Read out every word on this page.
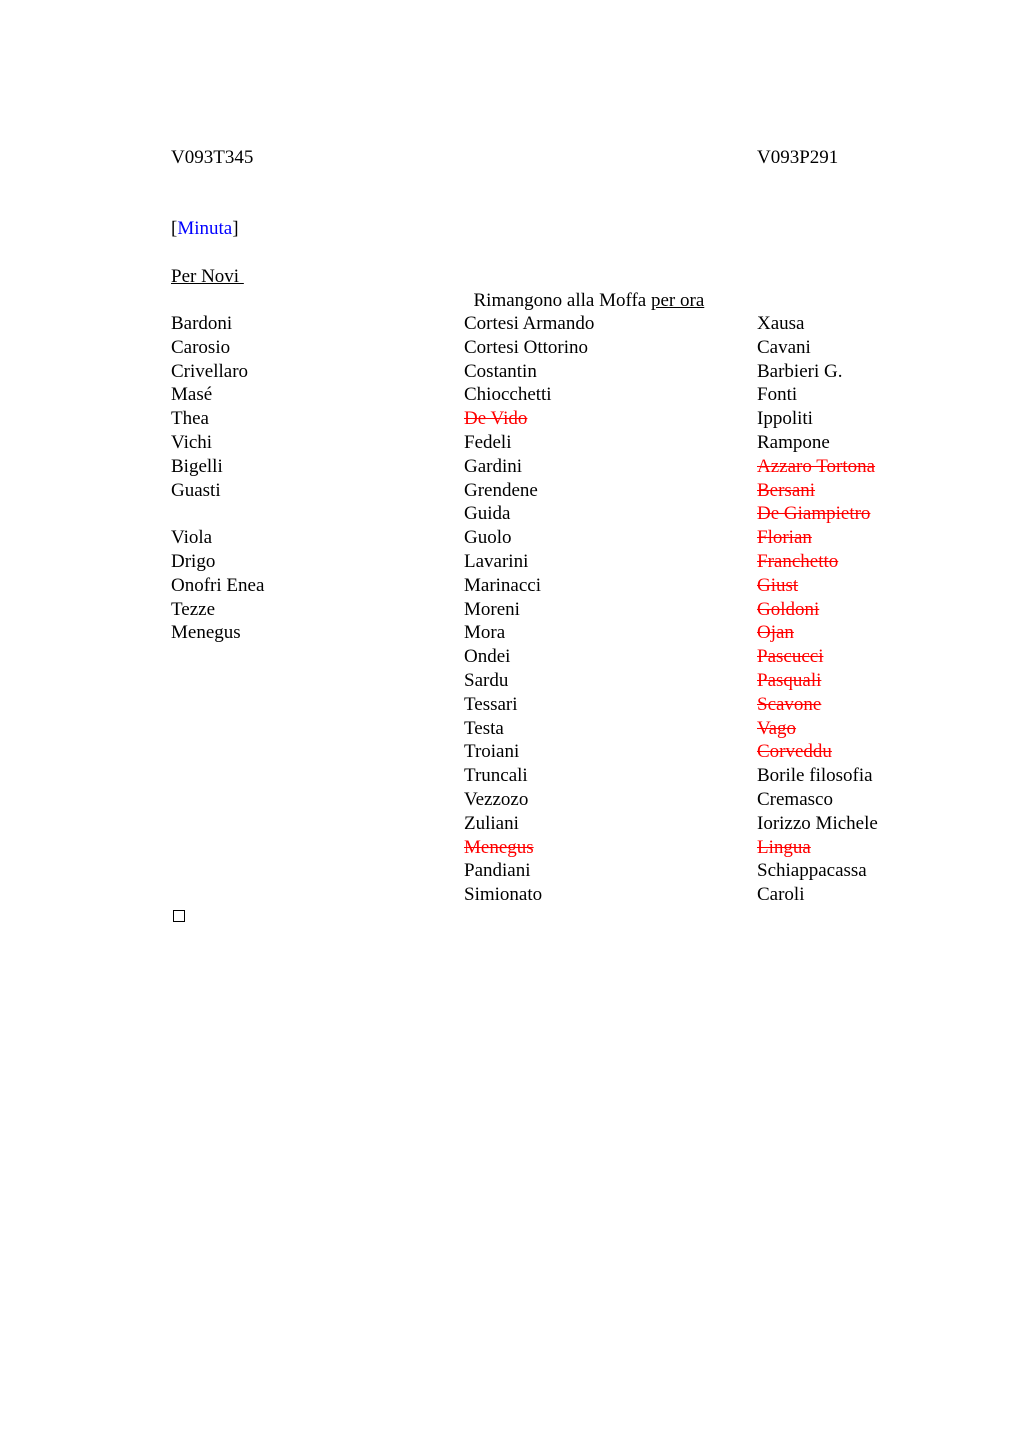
V093T345	V093P291
[Minuta]
Per Novi

Rimangono alla Moffa per ora

Bardoni
Carosio
Crivellaro
Masé
Thea
Vichi
Bigelli
Guasti
Viola
Drigo
Onofri Enea
Tezze
Menegus
Cortesi Armando
Cortesi Ottorino
Costantin
Chiocchetti
De Vido
Fedeli
Gardini
Grendene
Guida
Guolo
Lavarini
Marinacci
Moreni
Mora
Ondei
Sardu
Tessari
Testa
Troiani
Truncali
Vezzozo
Zuliani
Menegus
Pandiani
Simionato
Xausa
Cavani
Barbieri G.
Fonti
Ippoliti
Rampone
Azzaro Tortona
Bersani
De Giampietro
Florian
Franchetto
Giust
Goldoni
Ojan
Pascucci
Pasquali
Scavone
Vago
Corveddu
Borile filosofia
Cremasco
Iorizzo Michele
Lingua
Schiappacassa
Caroli
